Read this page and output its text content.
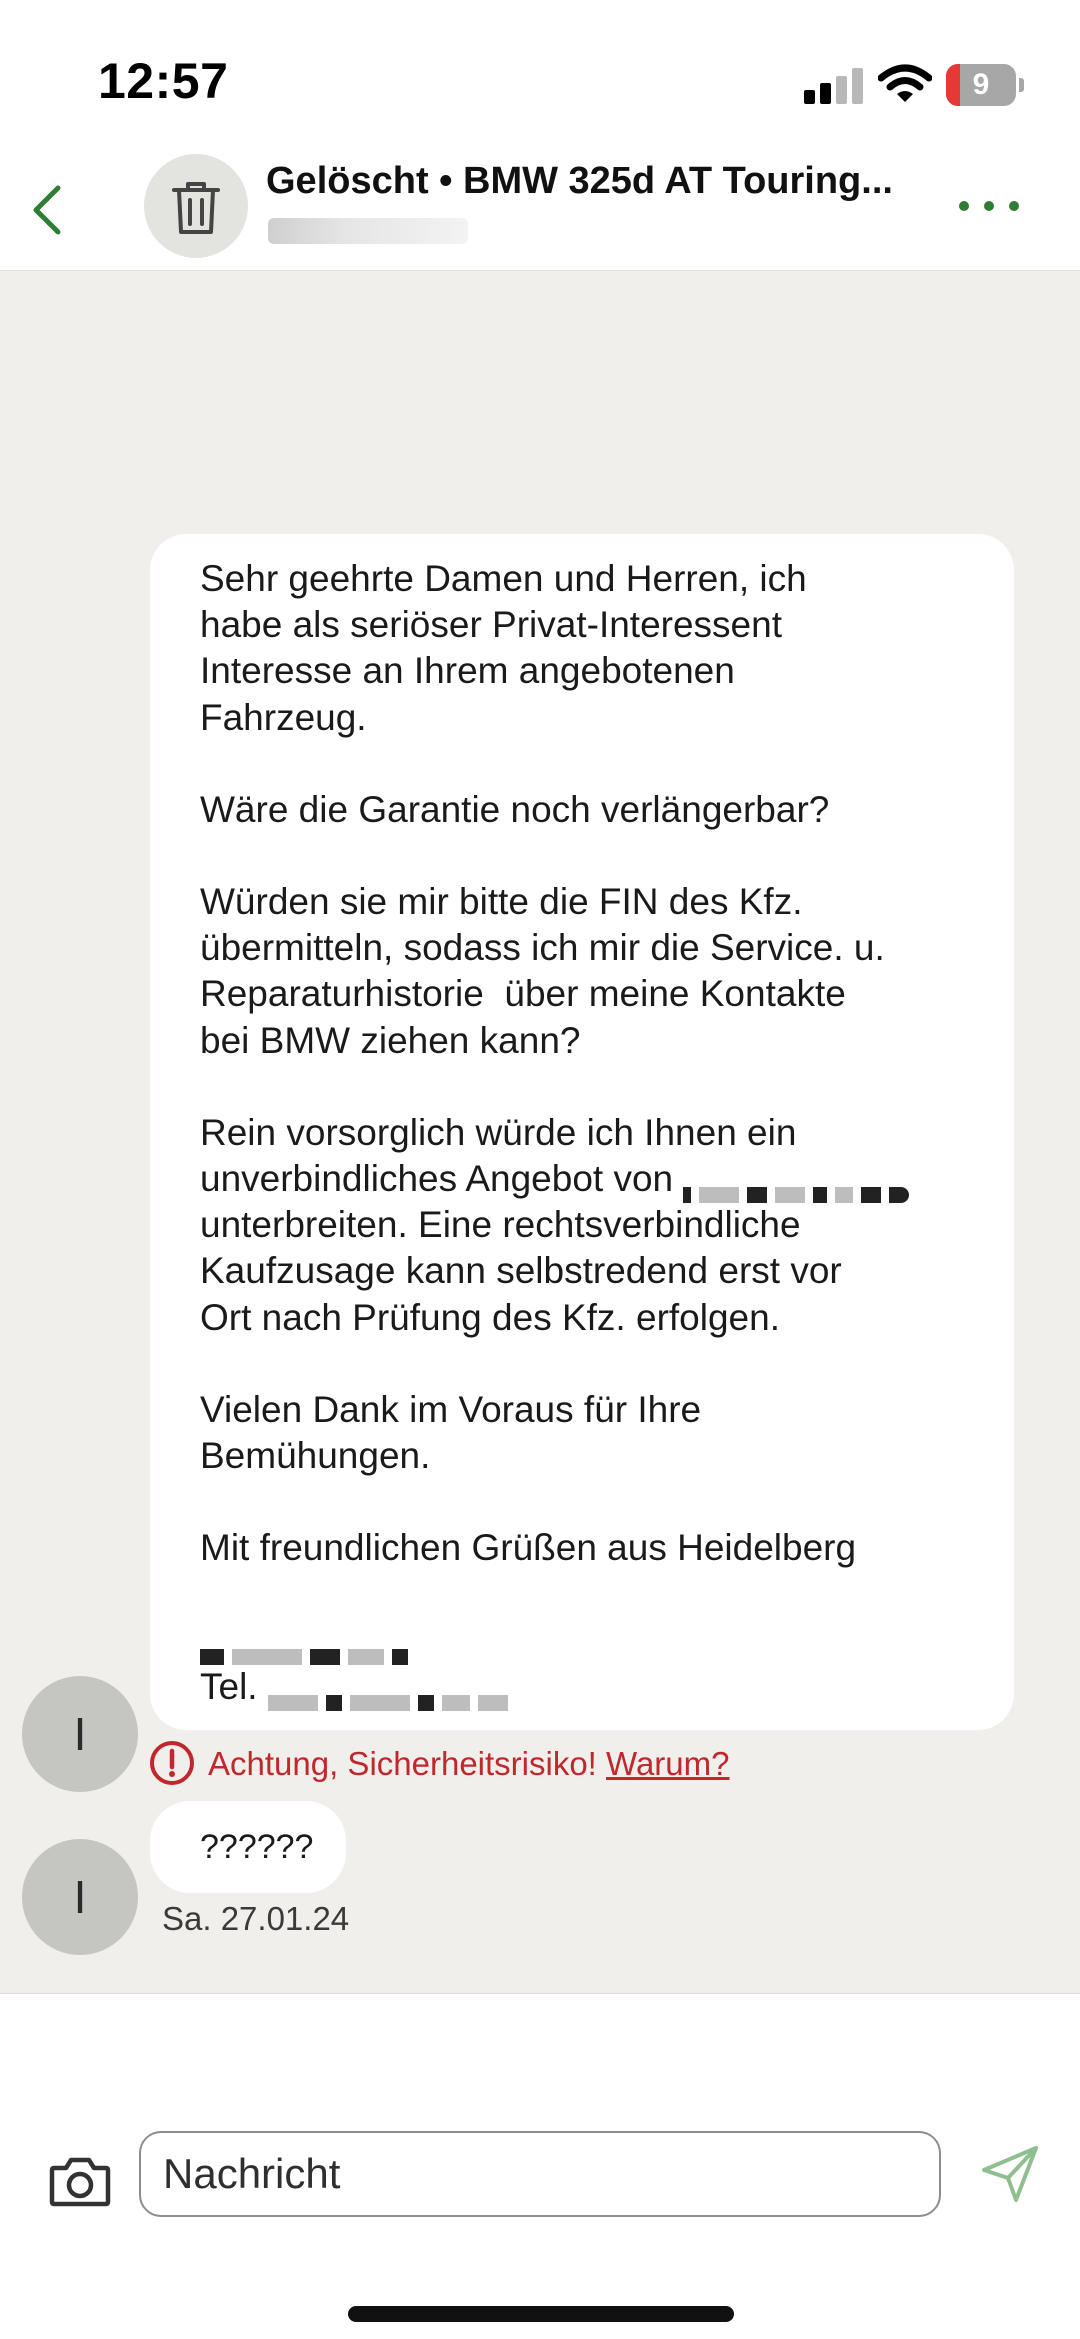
12:57	9
Gelöscht • BMW 325d AT Touring...

Sehr geehrte Damen und Herren, ich
habe als seriöser Privat-Interessent
Interesse an Ihrem angebotenen
Fahrzeug.

Wäre die Garantie noch verlängerbar?

Würden sie mir bitte die FIN des Kfz.
übermitteln, sodass ich mir die Service. u.
Reparaturhistorie  über meine Kontakte
bei BMW ziehen kann?

Rein vorsorglich würde ich Ihnen ein
unverbindliches Angebot von
unterbreiten. Eine rechtsverbindliche
Kaufzusage kann selbstredend erst vor
Ort nach Prüfung des Kfz. erfolgen.

Vielen Dank im Voraus für Ihre
Bemühungen.

Mit freundlichen Grüßen aus Heidelberg

Tel.
I
Achtung, Sicherheitsrisiko! Warum?
??????
I	Sa. 27.01.24
Nachricht
